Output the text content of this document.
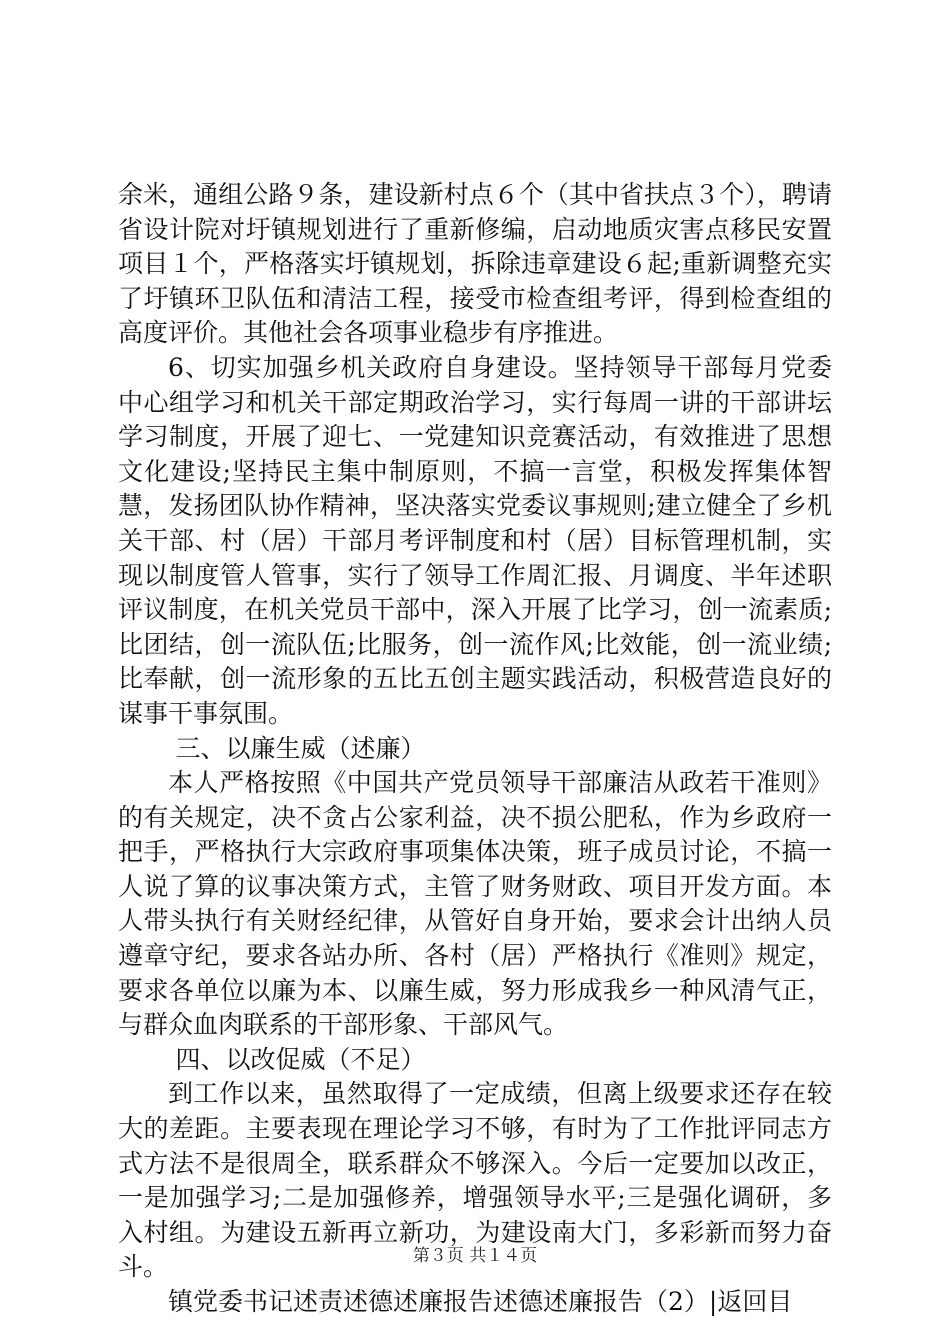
余米，通组公路９条，建设新村点６个（其中省扶点３个），聘请省设计院对圩镇规划进行了重新修编，启动地质灾害点移民安置项目１个，严格落实圩镇规划，拆除违章建设６起;重新调整充实了圩镇环卫队伍和清洁工程，接受市检查组考评，得到检查组的高度评价。其他社会各项事业稳步有序推进。

6、切实加强乡机关政府自身建设。坚持领导干部每月党委中心组学习和机关干部定期政治学习，实行每周一讲的干部讲坛学习制度，开展了迎七、一党建知识竞赛活动，有效推进了思想文化建设;坚持民主集中制原则，不搞一言堂，积极发挥集体智慧，发扬团队协作精神，坚决落实党委议事规则;建立健全了乡机关干部、村（居）干部月考评制度和村（居）目标管理机制，实现以制度管人管事，实行了领导工作周汇报、月调度、半年述职评议制度，在机关党员干部中，深入开展了比学习，创一流素质;比团结，创一流队伍;比服务，创一流作风;比效能，创一流业绩;比奉献，创一流形象的五比五创主题实践活动，积极营造良好的谋事干事氛围。

三、以廉生威（述廉）

本人严格按照《中国共产党员领导干部廉洁从政若干准则》的有关规定，决不贪占公家利益，决不损公肥私，作为乡政府一把手，严格执行大宗政府事项集体决策，班子成员讨论，不搞一人说了算的议事决策方式，主管了财务财政、项目开发方面。本人带头执行有关财经纪律，从管好自身开始，要求会计出纳人员遵章守纪，要求各站办所、各村（居）严格执行《准则》规定，要求各单位以廉为本、以廉生威，努力形成我乡一种风清气正，与群众血肉联系的干部形象、干部风气。

四、以改促威（不足）

到工作以来，虽然取得了一定成绩，但离上级要求还存在较大的差距。主要表现在理论学习不够，有时为了工作批评同志方式方法不是很周全，联系群众不够深入。今后一定要加以改正，一是加强学习;二是加强修养，增强领导水平;三是强化调研，多入村组。为建设五新再立新功，为建设南大门，多彩新而努力奋斗。

镇党委书记述责述德述廉报告述德述廉报告（2）|返回目

第３页 共１４页
